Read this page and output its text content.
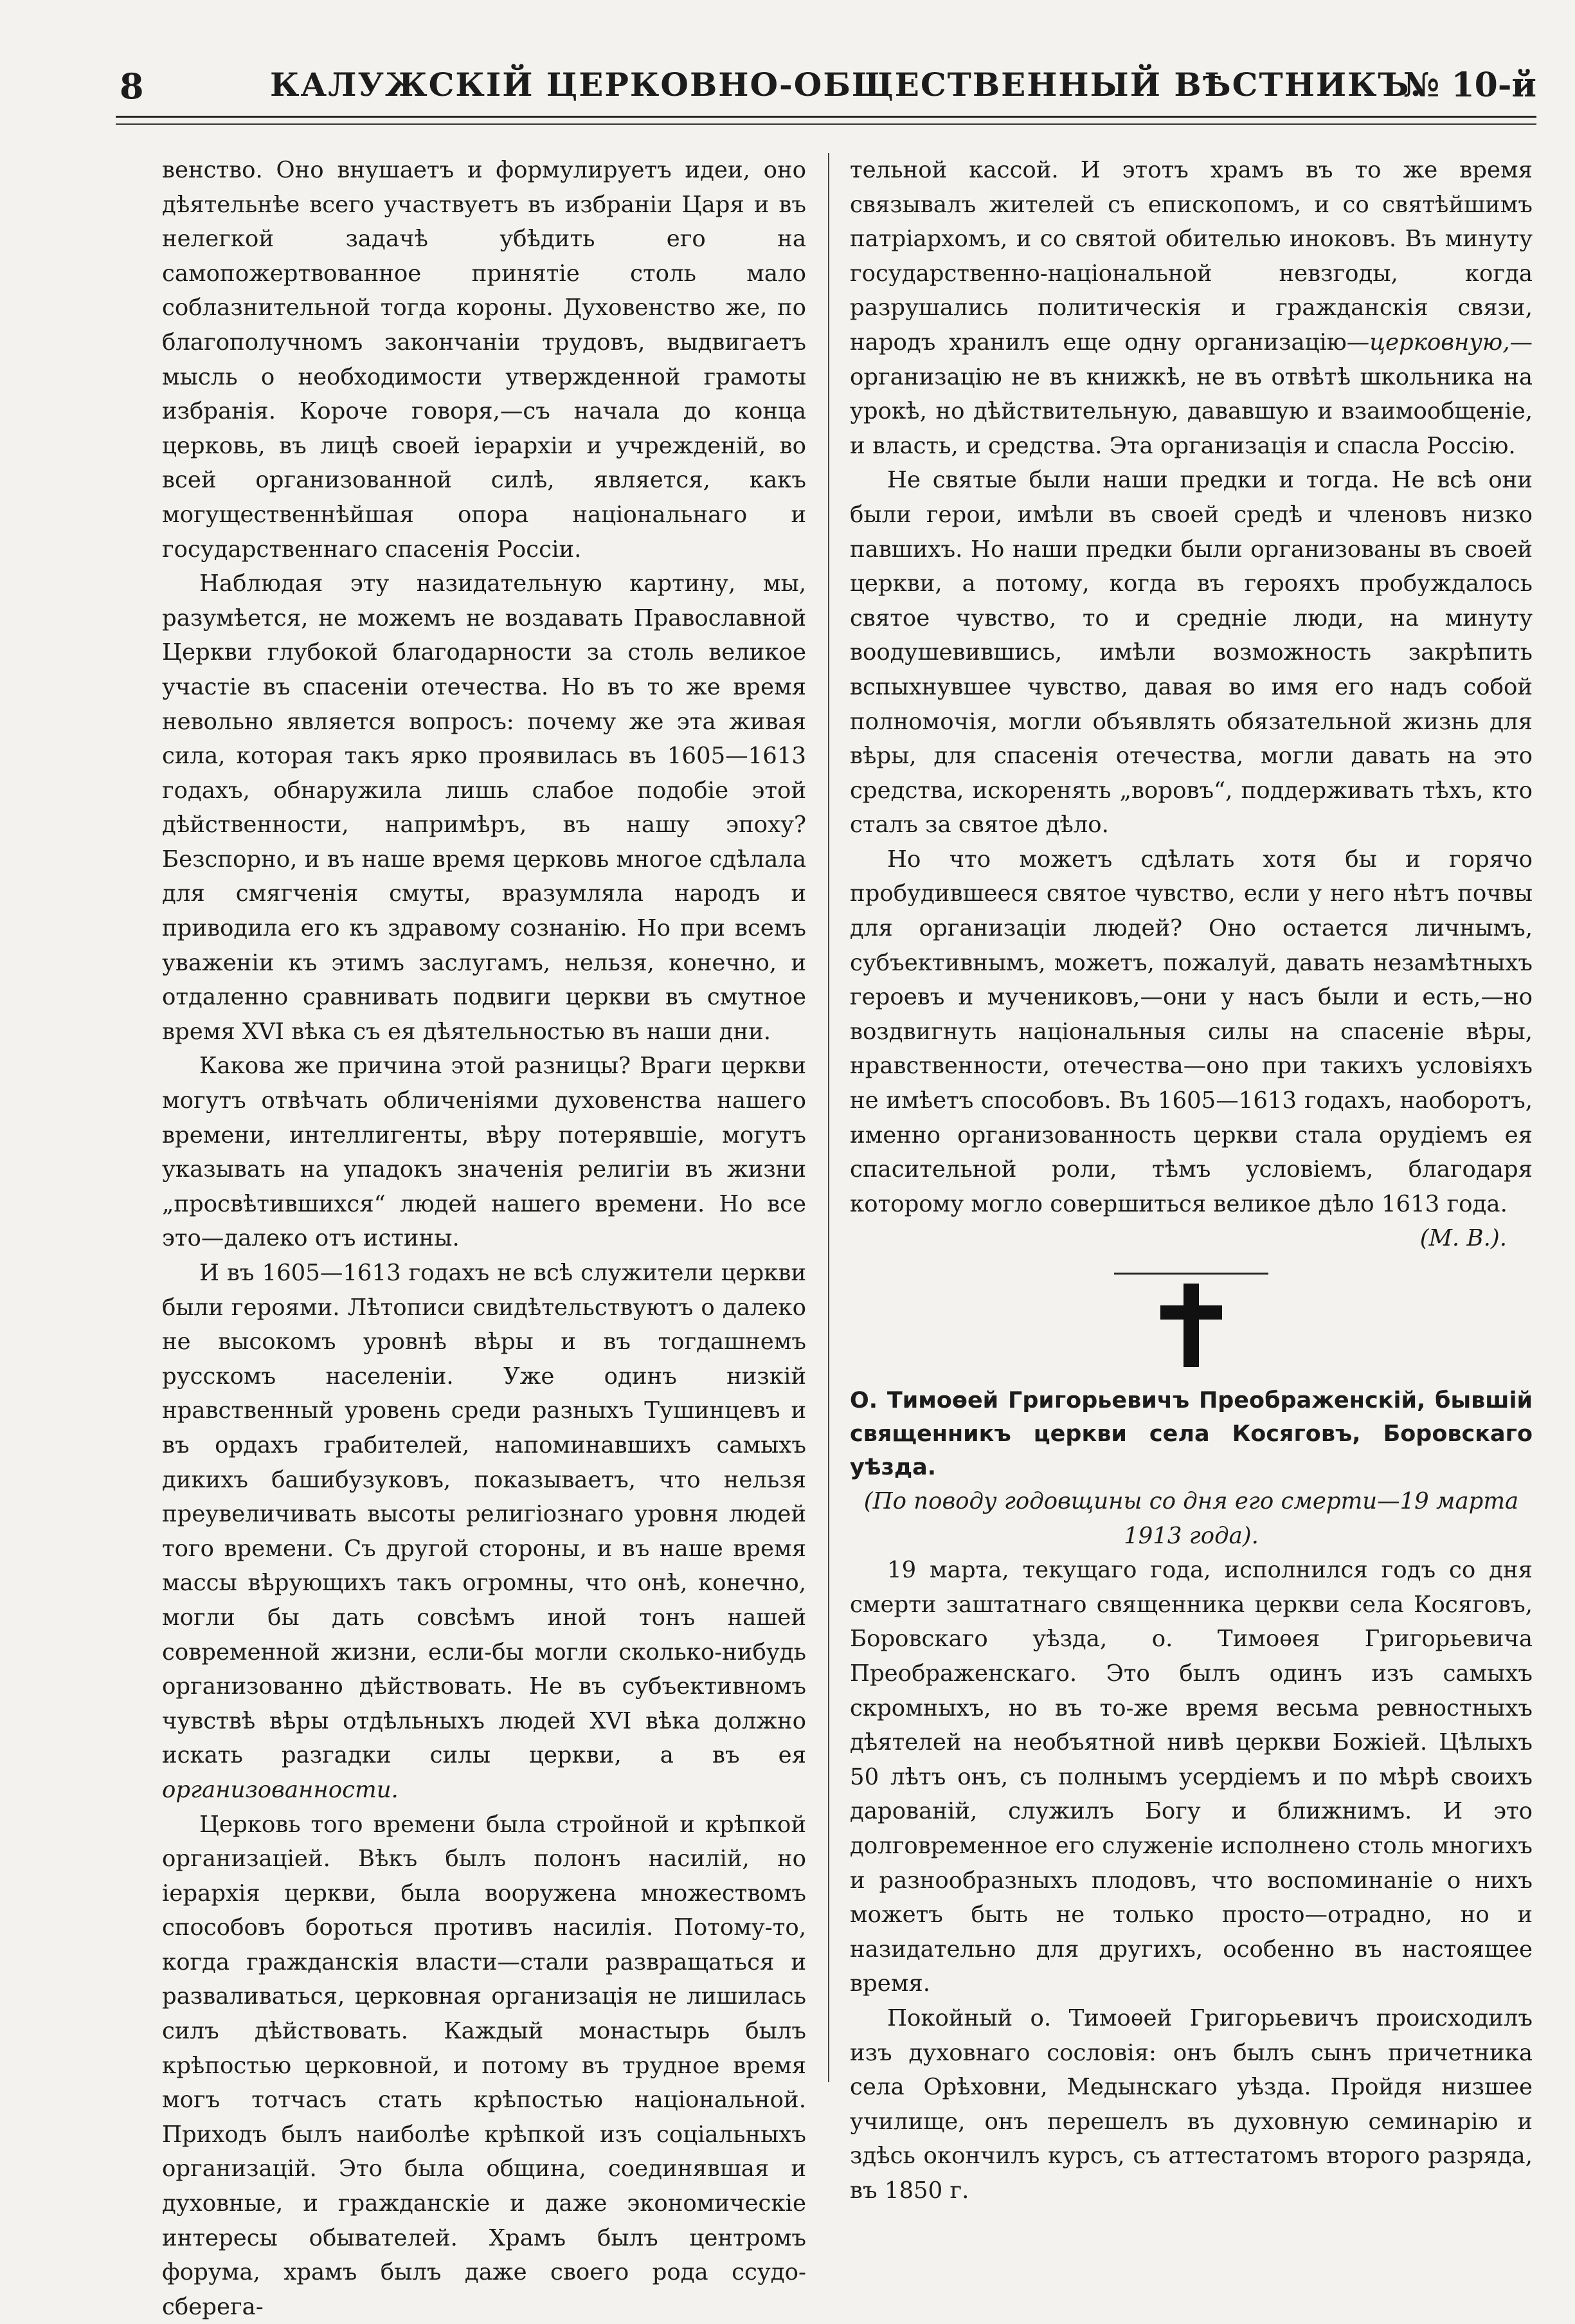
8	КАЛУЖСКІЙ ЦЕРКОВНО-ОБЩЕСТВЕННЫЙ ВѢСТНИКЪ.
№ 10-й

венство. Оно внушаетъ и формулируетъ идеи, оно дѣятельнѣе всего участвуетъ въ избраніи Царя и въ нелегкой задачѣ убѣдить его на самопожертвованное принятіе столь мало соблазнительной тогда короны. Духовенство же, по благополучномъ закончаніи трудовъ, выдвигаетъ мысль о необходимости утвержденной грамоты избранія. Короче говоря,—съ начала до конца церковь, въ лицѣ своей іерархіи и учрежденій, во всей организованной силѣ, является, какъ могущественнѣйшая опора національнаго и государственнаго спасенія Россіи.

Наблюдая эту назидательную картину, мы, разумѣется, не можемъ не воздавать Православной Церкви глубокой благодарности за столь великое участіе въ спасеніи отечества. Но въ то же время невольно является вопросъ: почему же эта живая сила, которая такъ ярко проявилась въ 1605—1613 годахъ, обнаружила лишь слабое подобіе этой дѣйственности, напримѣръ, въ нашу эпоху? Безспорно, и въ наше время церковь многое сдѣлала для смягченія смуты, вразумляла народъ и приводила его къ здравому сознанію. Но при всемъ уваженіи къ этимъ заслугамъ, нельзя, конечно, и отдаленно сравнивать подвиги церкви въ смутное время XVI вѣка съ ея дѣятельностью въ наши дни.

Какова же причина этой разницы? Враги церкви могутъ отвѣчать обличеніями духовенства нашего времени, интеллигенты, вѣру потерявшіе, могутъ указывать на упадокъ значенія религіи въ жизни „просвѣтившихся“ людей нашего времени. Но все это—далеко отъ истины.

И въ 1605—1613 годахъ не всѣ служители церкви были героями. Лѣтописи свидѣтельствуютъ о далеко не высокомъ уровнѣ вѣры и въ тогдашнемъ русскомъ населеніи. Уже одинъ низкій нравственный уровень среди разныхъ Тушинцевъ и въ ордахъ грабителей, напоминавшихъ самыхъ дикихъ башибузуковъ, показываетъ, что нельзя преувеличивать высоты религіознаго уровня людей того времени. Съ другой стороны, и въ наше время массы вѣрующихъ такъ огромны, что онѣ, конечно, могли бы дать совсѣмъ иной тонъ нашей современной жизни, если-бы могли сколько-нибудь организованно дѣйствовать. Не въ субъективномъ чувствѣ вѣры отдѣльныхъ людей XVI вѣка должно искать разгадки силы церкви, а въ ея организованности.

Церковь того времени была стройной и крѣпкой организаціей. Вѣкъ былъ полонъ насилій, но іерархія церкви, была вооружена множествомъ способовъ бороться противъ насилія. Потому-то, когда гражданскія власти—стали развращаться и разваливаться, церковная организація не лишилась силъ дѣйствовать. Каждый монастырь былъ крѣпостью церковной, и потому въ трудное время могъ тотчасъ стать крѣпостью національной. Приходъ былъ наиболѣе крѣпкой изъ соціальныхъ организацій. Это была община, соединявшая и духовные, и гражданскіе и даже экономическіе интересы обывателей. Храмъ былъ центромъ форума, храмъ былъ даже своего рода ссудо-сберега-

тельной кассой. И этотъ храмъ въ то же время связывалъ жителей съ епископомъ, и со святѣйшимъ патріархомъ, и со святой обителью иноковъ. Въ минуту государственно-національной невзгоды, когда разрушались политическія и гражданскія связи, народъ хранилъ еще одну организацію—церковную,—организацію не въ книжкѣ, не въ отвѣтѣ школьника на урокѣ, но дѣйствительную, дававшую и взаимообщеніе, и власть, и средства. Эта организація и спасла Россію.

Не святые были наши предки и тогда. Не всѣ они были герои, имѣли въ своей средѣ и членовъ низко павшихъ. Но наши предки были организованы въ своей церкви, а потому, когда въ герояхъ пробуждалось святое чувство, то и средніе люди, на минуту воодушевившись, имѣли возможность закрѣпить вспыхнувшее чувство, давая во имя его надъ собой полномочія, могли объявлять обязательной жизнь для вѣры, для спасенія отечества, могли давать на это средства, искоренять „воровъ“, поддерживать тѣхъ, кто сталъ за святое дѣло.

Но что можетъ сдѣлать хотя бы и горячо пробудившееся святое чувство, если у него нѣтъ почвы для организаціи людей? Оно остается личнымъ, субъективнымъ, можетъ, пожалуй, давать незамѣтныхъ героевъ и мучениковъ,—они у насъ были и есть,—но воздвигнуть національныя силы на спасеніе вѣры, нравственности, отечества—оно при такихъ условіяхъ не имѣетъ способовъ. Въ 1605—1613 годахъ, наоборотъ, именно организованность церкви стала орудіемъ ея спасительной роли, тѣмъ условіемъ, благодаря которому могло совершиться великое дѣло 1613 года.

(М. В.).

О. Тимоѳей Григорьевичъ Преображенскій, бывшій священникъ церкви села Косяговъ, Боровскаго уѣзда.

(По поводу годовщины со дня его смерти—19 марта 1913 года).

19 марта, текущаго года, исполнился годъ со дня смерти заштатнаго священника церкви села Косяговъ, Боровскаго уѣзда, о. Тимоѳея Григорьевича Преображенскаго. Это былъ одинъ изъ самыхъ скромныхъ, но въ то-же время весьма ревностныхъ дѣятелей на необъятной нивѣ церкви Божіей. Цѣлыхъ 50 лѣтъ онъ, съ полнымъ усердіемъ и по мѣрѣ своихъ дарованій, служилъ Богу и ближнимъ. И это долговременное его служеніе исполнено столь многихъ и разнообразныхъ плодовъ, что воспоминаніе о нихъ можетъ быть не только просто—отрадно, но и назидательно для другихъ, особенно въ настоящее время.

Покойный о. Тимоѳей Григорьевичъ происходилъ изъ духовнаго сословія: онъ былъ сынъ причетника села Орѣховни, Медынскаго уѣзда. Пройдя низшее училище, онъ перешелъ въ духовную семинарію и здѣсь окончилъ курсъ, съ аттестатомъ второго разряда, въ 1850 г.
